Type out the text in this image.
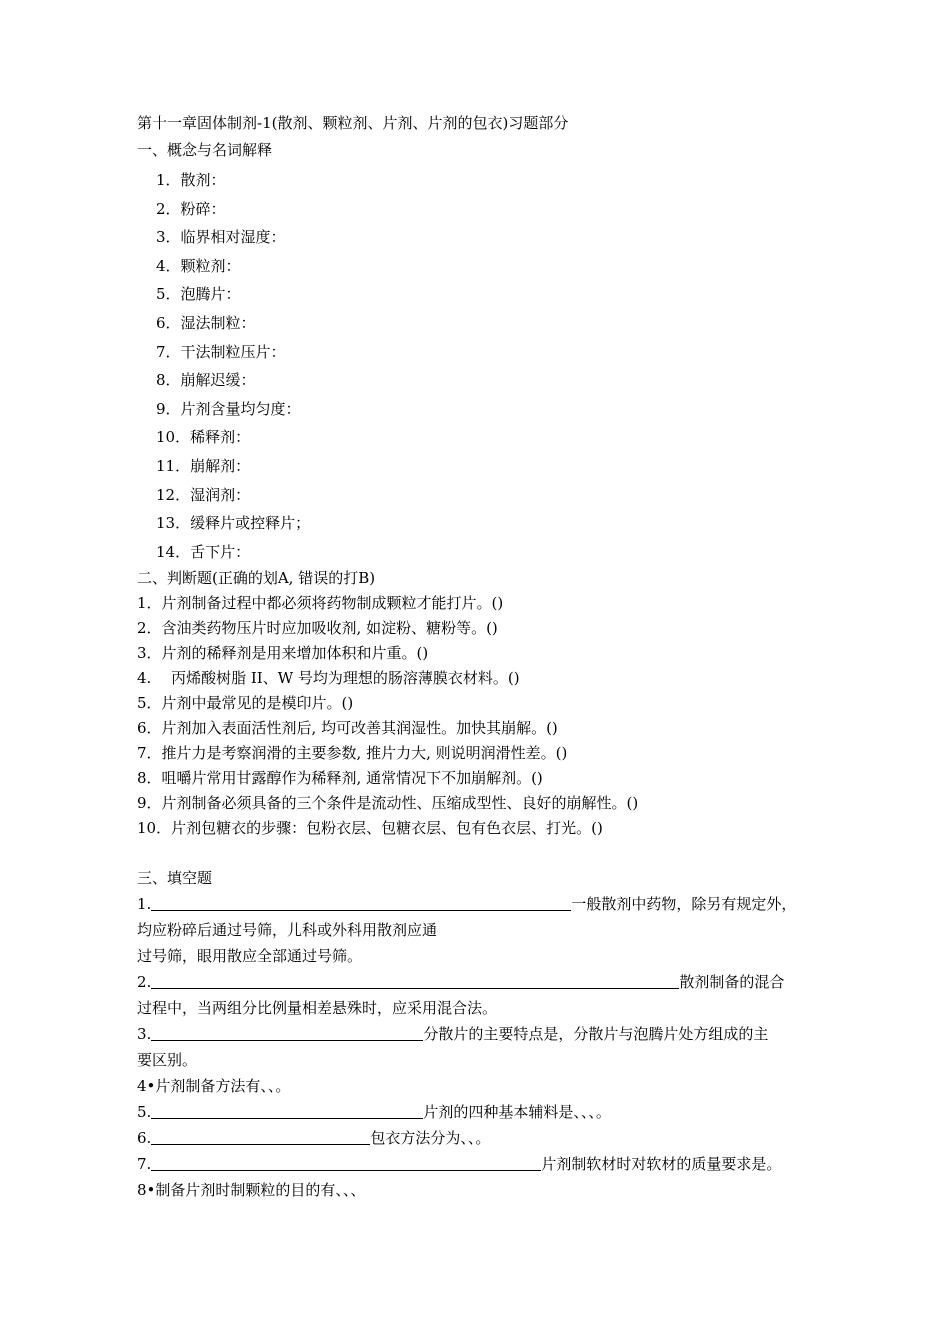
第十一章固体制剂-1(散剂、颗粒剂、片剂、片剂的包衣)习题部分
一、概念与名词解释
1．散剂：
2．粉碎：
3．临界相对湿度：
4．颗粒剂：
5．泡腾片：
6．湿法制粒：
7．干法制粒压片：
8．崩解迟缓：
9．片剂含量均匀度：
10．稀释剂：
11．崩解剂：
12．湿润剂：
13．缓释片或控释片；
14．舌下片：
二、判断题(正确的划A, 错误的打B)
1．片剂制备过程中都必须将药物制成颗粒才能打片。()
2．含油类药物压片时应加吸收剂, 如淀粉、糖粉等。()
3．片剂的稀释剂是用来增加体积和片重。()
4.　 丙烯酸树脂 II、W 号均为理想的肠溶薄膜衣材料。()
5．片剂中最常见的是模印片。()
6．片剂加入表面活性剂后, 均可改善其润湿性。加快其崩解。()
7．推片力是考察润滑的主要参数, 推片力大, 则说明润滑性差。()
8．咀嚼片常用甘露醇作为稀释剂, 通常情况下不加崩解剂。()
9．片剂制备必须具备的三个条件是流动性、压缩成型性、良好的崩解性。()
10．片剂包糖衣的步骤：包粉衣层、包糖衣层、包有色衣层、打光。()
三、填空题
1.	一般散剂中药物，除另有规定外，
均应粉碎后通过号筛，儿科或外科用散剂应通
过号筛，眼用散应全部通过号筛。
2.	散剂制备的混合
过程中，当两组分比例量相差悬殊时，应采用混合法。
3.	分散片的主要特点是，分散片与泡腾片处方组成的主
要区别。
4•片剂制备方法有、、。
5.	片剂的四种基本辅料是、、、。
6.	包衣方法分为、、。
7.	片剂制软材时对软材的质量要求是。
8•制备片剂时制颗粒的目的有、、、
